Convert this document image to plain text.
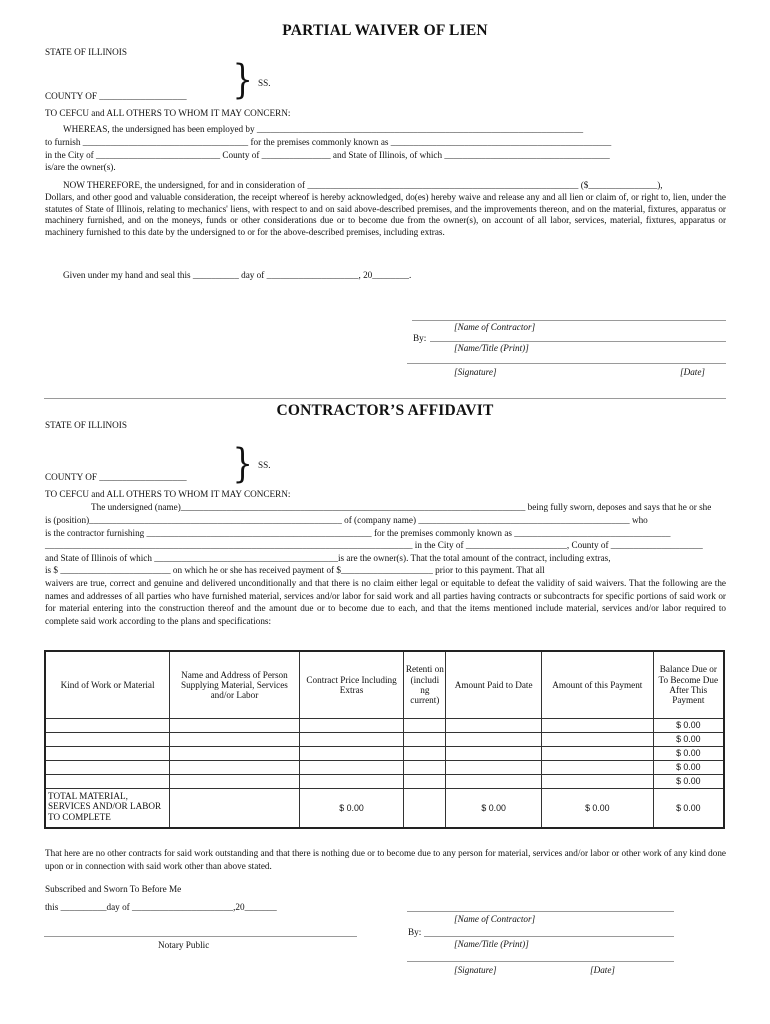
PARTIAL WAIVER OF LIEN
STATE OF ILLINOIS
} SS.
COUNTY OF ___________________
TO CEFCU and ALL OTHERS TO WHOM IT MAY CONCERN:
WHEREAS, the undersigned has been employed by _______________________________________________________________________
to furnish ____________________________________ for the premises commonly known as ________________________________________________
in the City of ___________________________ County of _______________ and State of Illinois, of which ____________________________________
is/are the owner(s).
NOW THEREFORE, the undersigned, for and in consideration of ___________________________________________________________ ($_______________),
Dollars, and other good and valuable consideration, the receipt whereof is hereby acknowledged, do(es) hereby waive and release any and all lien or claim of, or right to, lien, under the statutes of State of Illinois, relating to mechanics' liens, with respect to and on said above-described premises, and the improvements thereon, and on the material, fixtures, apparatus or machinery furnished, and on the moneys, funds or other considerations due or to become due from the owner(s), on account of all labor, services, material, fixtures, apparatus or machinery furnished to this date by the undersigned to or for the above-described premises, including extras.
Given under my hand and seal this __________ day of ____________________, 20________.
[Name of Contractor]
By:
[Name/Title (Print)]
[Signature]	[Date]
CONTRACTOR’S AFFIDAVIT
STATE OF ILLINOIS
} SS.
COUNTY OF ___________________
TO CEFCU and ALL OTHERS TO WHOM IT MAY CONCERN:
The undersigned (name)___________________________________________________________________________ being fully sworn, deposes and says that he or she
is (position)_______________________________________________________ of (company name) ______________________________________________ who
is the contractor furnishing _________________________________________________ for the premises commonly known as __________________________________
________________________________________________________________________________ in the City of ______________________, County of ____________________
and State of Illinois of which ________________________________________is are the owner(s). That the total amount of the contract, including extras,
is $ ________________________ on which he or she has received payment of $____________________ prior to this payment. That all
waivers are true, correct and genuine and delivered unconditionally and that there is no claim either legal or equitable to defeat the validity of said waivers. That the following are the names and addresses of all parties who have furnished material, services and/or labor for said work and all parties having contracts or subcontracts for specific portions of said work or for material entering into the construction thereof and the amount due or to become due to each, and that the items mentioned include material, services and/or labor required to complete said work according to the plans and specifications:
Kind of Work or Material	Name and Address of Person Supplying Material, Services and/or Labor	Contract Price Including Extras	Retenti on (includi ng current)	Amount Paid to Date	Amount of this Payment	Balance Due or To Become Due After This Payment
						$ 0.00
						$ 0.00
						$ 0.00
						$ 0.00
						$ 0.00
TOTAL MATERIAL, SERVICES AND/OR LABOR TO COMPLETE		$ 0.00		$ 0.00	$ 0.00	$ 0.00
That here are no other contracts for said work outstanding and that there is nothing due or to become due to any person for material, services and/or labor or other work of any kind done upon or in connection with said work other than above stated.
Subscribed and Sworn To Before Me
this __________day of ______________________,20_______
Notary Public
[Name of Contractor]
By:
[Name/Title (Print)]
[Signature]	[Date]
